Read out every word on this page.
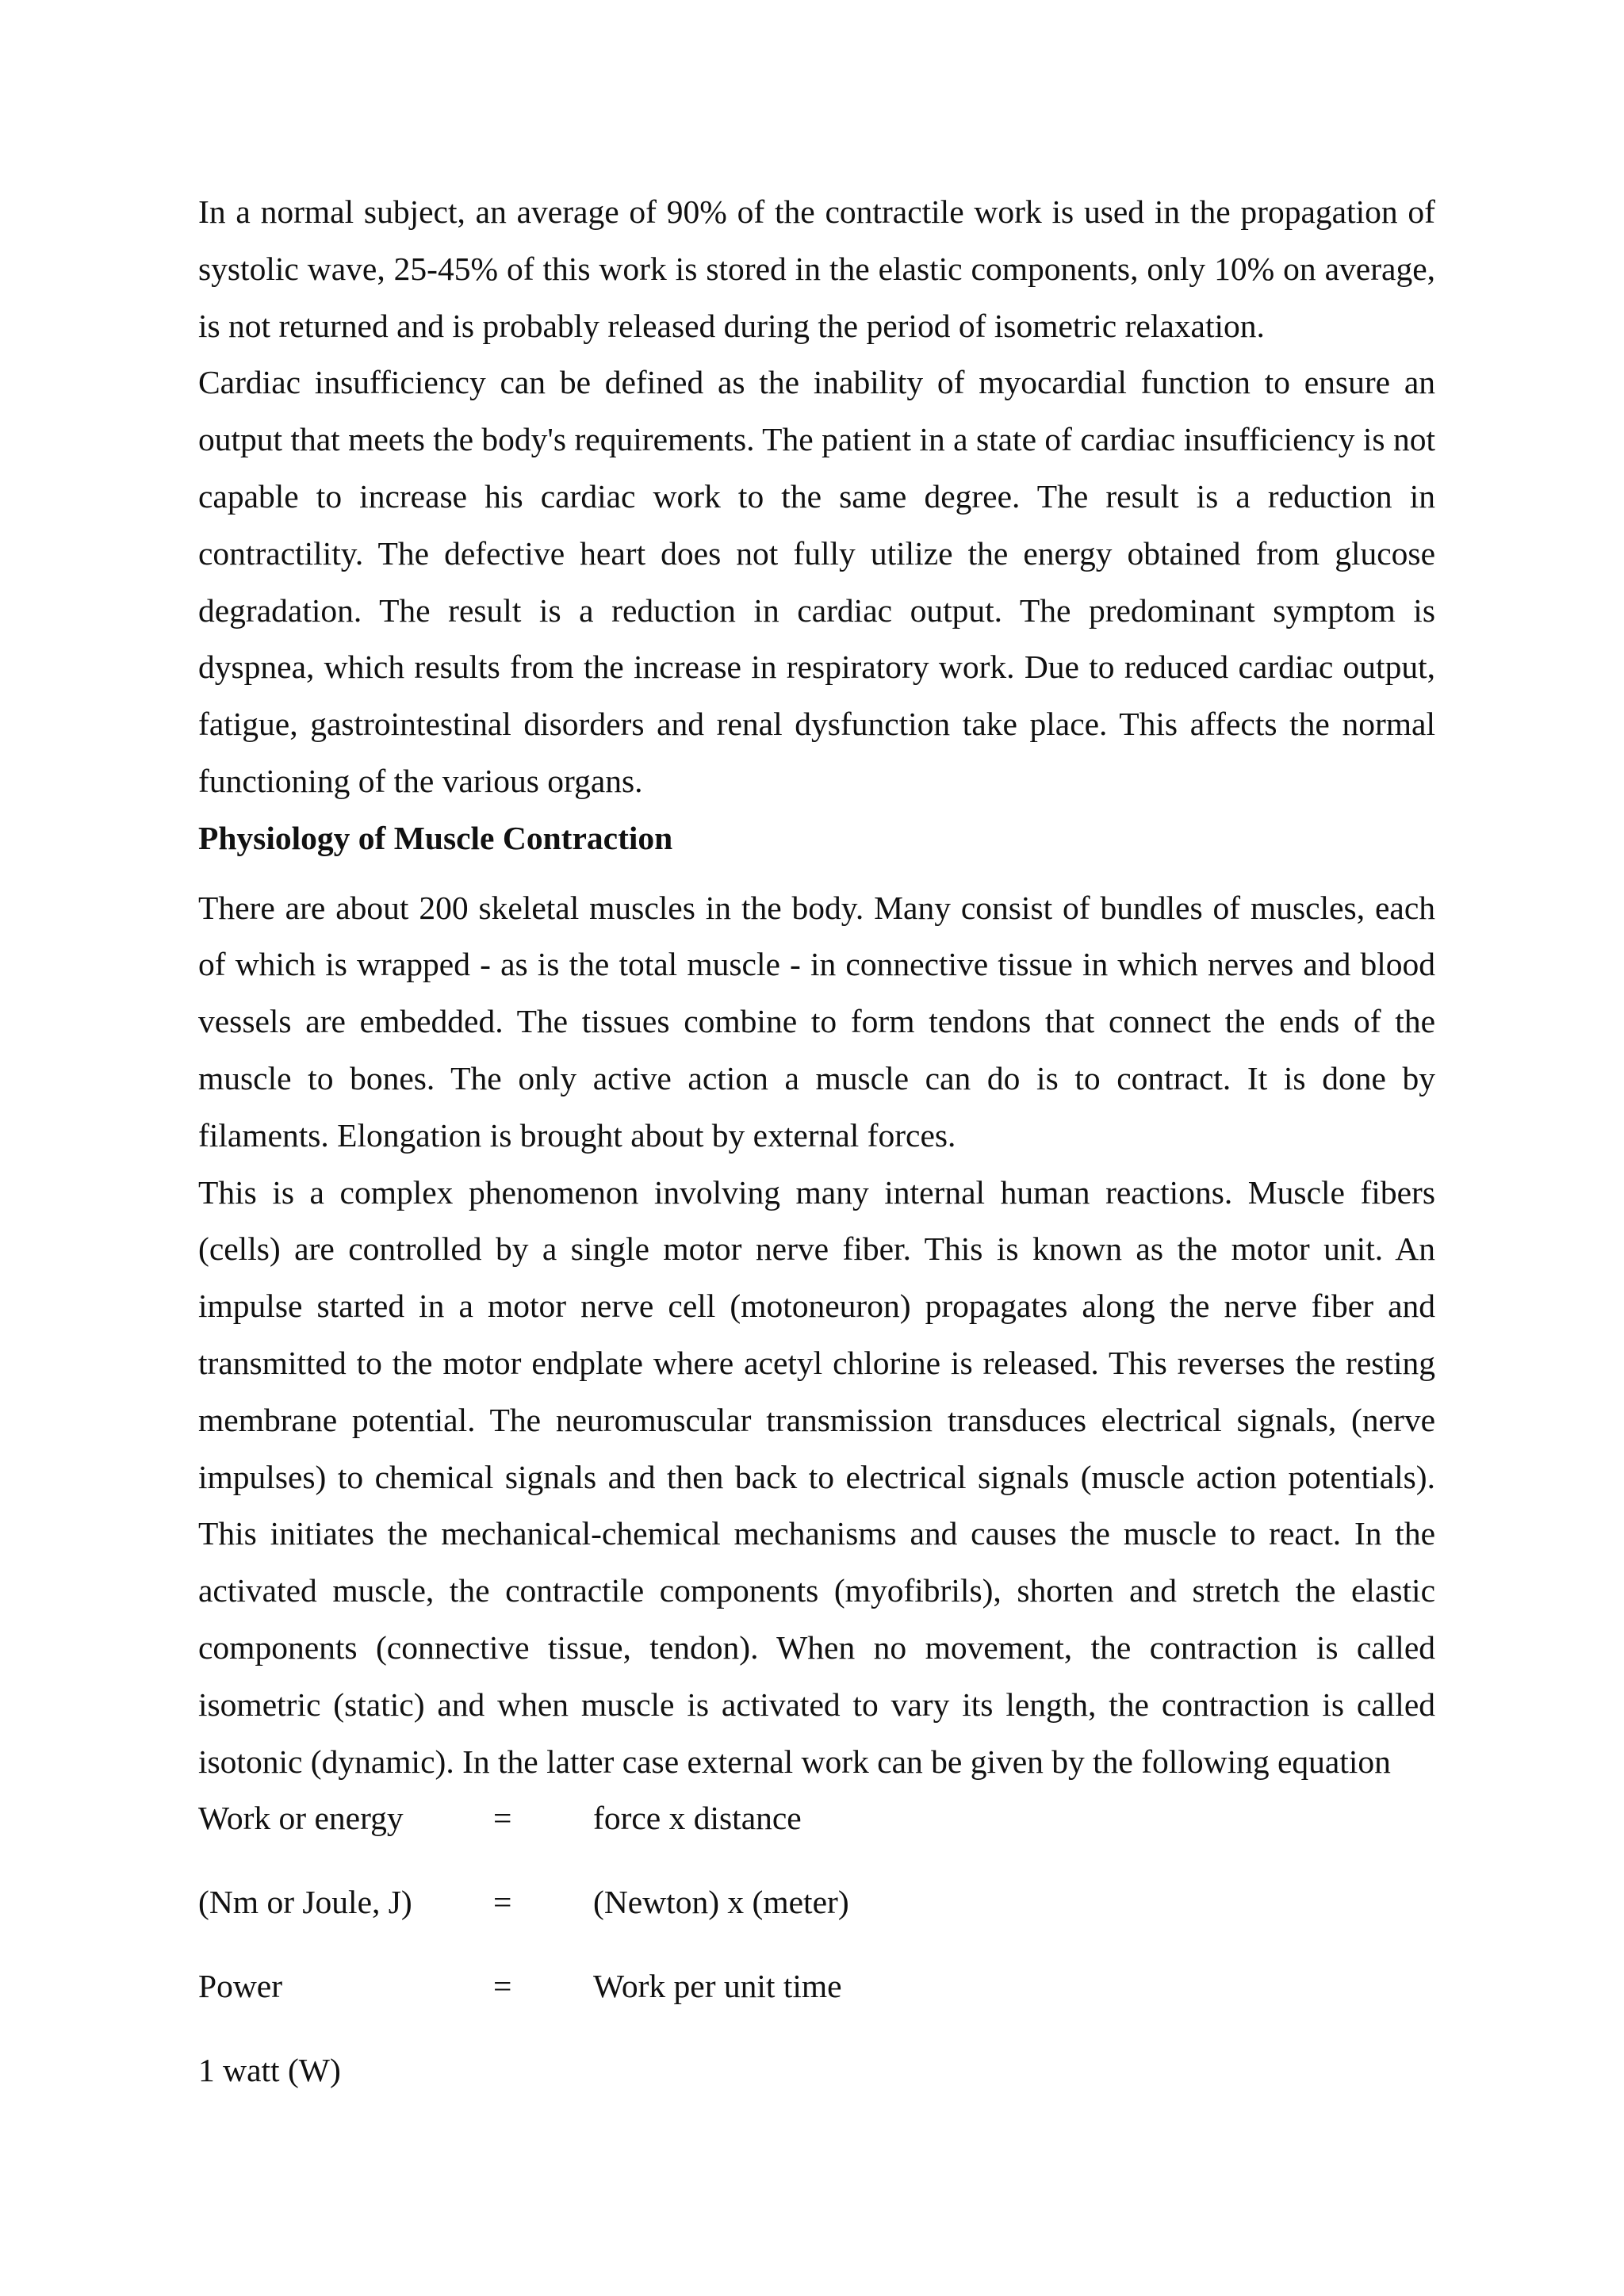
In a normal subject, an average of 90% of the contractile work is used in the propagation of systolic wave, 25-45% of this work is stored in the elastic components, only 10% on average, is not returned and is probably released during the period of isometric relaxation.

Cardiac insufficiency can be defined as the inability of myocardial function to ensure an output that meets the body's requirements. The patient in a state of cardiac insufficiency is not capable to increase his cardiac work to the same degree. The result is a reduction in contractility. The defective heart does not fully utilize the energy obtained from glucose degradation. The result is a reduction in cardiac output. The predominant symptom is dyspnea, which results from the increase in respiratory work. Due to reduced cardiac output, fatigue, gastrointestinal disorders and renal dysfunction take place. This affects the normal functioning of the various organs.

Physiology of Muscle Contraction

There are about 200 skeletal muscles in the body. Many consist of bundles of muscles, each of which is wrapped - as is the total muscle - in connective tissue in which nerves and blood vessels are embedded. The tissues combine to form tendons that connect the ends of the muscle to bones. The only active action a muscle can do is to contract. It is done by filaments. Elongation is brought about by external forces.

This is a complex phenomenon involving many internal human reactions. Muscle fibers (cells) are controlled by a single motor nerve fiber. This is known as the motor unit. An impulse started in a motor nerve cell (motoneuron) propagates along the nerve fiber and transmitted to the motor endplate where acetyl chlorine is released. This reverses the resting membrane potential. The neuromuscular transmission transduces electrical signals, (nerve impulses) to chemical signals and then back to electrical signals (muscle action potentials). This initiates the mechanical-chemical mechanisms and causes the muscle to react. In the activated muscle, the contractile components (myofibrils), shorten and stretch the elastic components (connective tissue, tendon). When no movement, the contraction is called isometric (static) and when muscle is activated to vary its length, the contraction is called isotonic (dynamic). In the latter case external work can be given by the following equation

Work or energy	= force x distance
(Nm or Joule, J) = (Newton) x (meter)
Power	= Work per unit time
1 watt (W)
